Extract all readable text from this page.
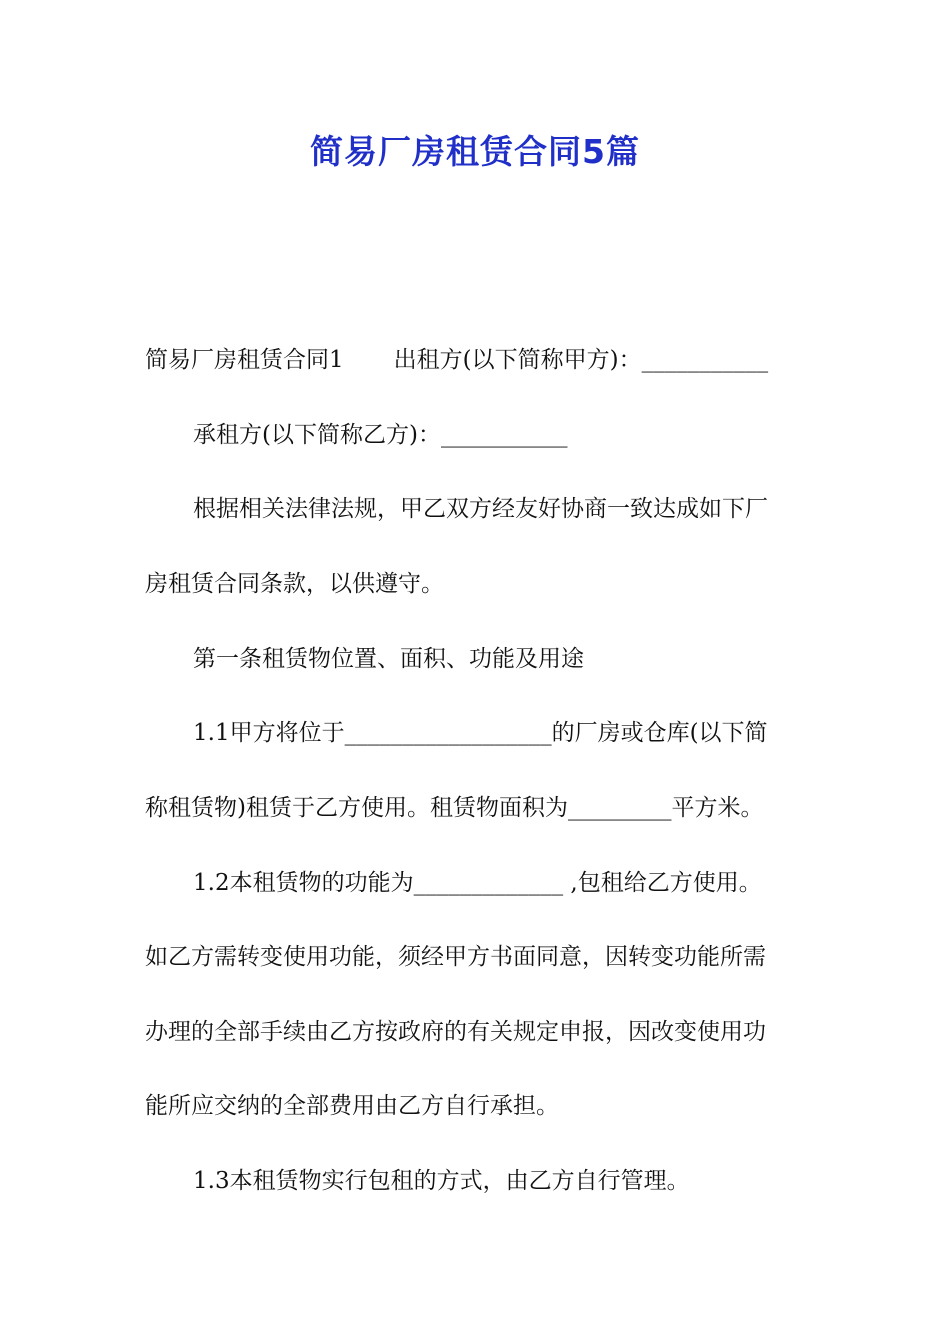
简易厂房租赁合同5篇
简易厂房租赁合同1 出租方(以下简称甲方)：___________
承租方(以下简称乙方)：___________
根据相关法律法规，甲乙双方经友好协商一致达成如下厂
房租赁合同条款，以供遵守。
第一条租赁物位置、面积、功能及用途
1.1甲方将位于__________________的厂房或仓库(以下简
称租赁物)租赁于乙方使用。租赁物面积为_________平方米。
1.2本租赁物的功能为_____________ ,包租给乙方使用。
如乙方需转变使用功能，须经甲方书面同意，因转变功能所需
办理的全部手续由乙方按政府的有关规定申报，因改变使用功
能所应交纳的全部费用由乙方自行承担。
1.3本租赁物实行包租的方式，由乙方自行管理。
